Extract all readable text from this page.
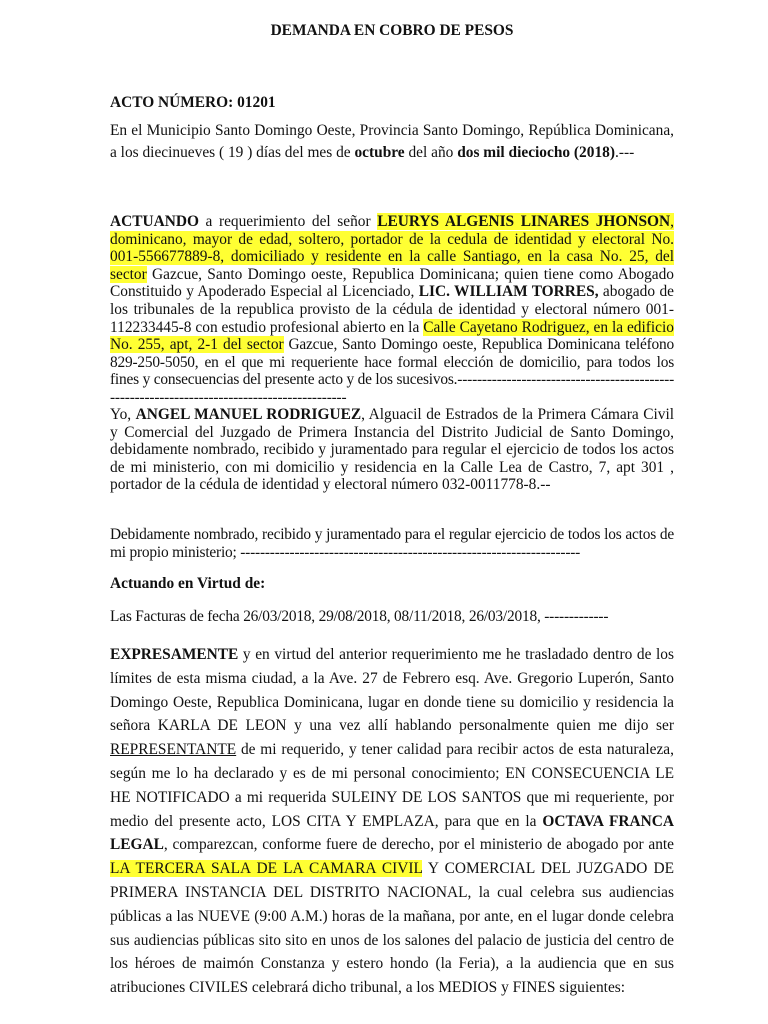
DEMANDA EN COBRO DE PESOS
ACTO NÚMERO: 01201
En el Municipio Santo Domingo Oeste, Provincia Santo Domingo, República Dominicana, a los diecinueves ( 19 ) días del mes de octubre del año dos mil dieciocho (2018).---
ACTUANDO a requerimiento del señor LEURYS ALGENIS LINARES JHONSON, dominicano, mayor de edad, soltero, portador de la cedula de identidad y electoral No. 001-556677889-8, domiciliado y residente en la calle Santiago, en la casa No. 25, del sector Gazcue, Santo Domingo oeste, Republica Dominicana; quien tiene como Abogado Constituido y Apoderado Especial al Licenciado, LIC. WILLIAM TORRES, abogado de los tribunales de la republica provisto de la cédula de identidad y electoral número 001-112233445-8 con estudio profesional abierto en la Calle Cayetano Rodriguez, en la edificio No. 255, apt, 2-1 del sector Gazcue, Santo Domingo oeste, Republica Dominicana teléfono 829-250-5050, en el que mi requeriente hace formal elección de domicilio, para todos los fines y consecuencias del presente acto y de los sucesivos.--------------------------------------------------------------------------------------------
Yo, ANGEL MANUEL RODRIGUEZ, Alguacil de Estrados de la Primera Cámara Civil y Comercial del Juzgado de Primera Instancia del Distrito Judicial de Santo Domingo, debidamente nombrado, recibido y juramentado para regular el ejercicio de todos los actos de mi ministerio, con mi domicilio y residencia en la Calle Lea de Castro, 7, apt 301 , portador de la cédula de identidad y electoral número 032-0011778-8.--
Debidamente nombrado, recibido y juramentado para el regular ejercicio de todos los actos de mi propio ministerio; ---------------------------------------------------------------------
Actuando en Virtud de:
Las Facturas de fecha 26/03/2018, 29/08/2018, 08/11/2018, 26/03/2018, -------------
EXPRESAMENTE y en virtud del anterior requerimiento me he trasladado dentro de los límites de esta misma ciudad, a la Ave. 27 de Febrero esq. Ave. Gregorio Luperón, Santo Domingo Oeste, Republica Dominicana, lugar en donde tiene su domicilio y residencia la señora KARLA DE LEON y una vez allí hablando personalmente quien me dijo ser REPRESENTANTE de mi requerido, y tener calidad para recibir actos de esta naturaleza, según me lo ha declarado y es de mi personal conocimiento; EN CONSECUENCIA LE HE NOTIFICADO a mi requerida SULEINY DE LOS SANTOS que mi requeriente, por medio del presente acto, LOS CITA Y EMPLAZA, para que en la OCTAVA FRANCA LEGAL, comparezcan, conforme fuere de derecho, por el ministerio de abogado por ante LA TERCERA SALA DE LA CAMARA CIVIL Y COMERCIAL DEL JUZGADO DE PRIMERA INSTANCIA DEL DISTRITO NACIONAL, la cual celebra sus audiencias públicas a las NUEVE (9:00 A.M.) horas de la mañana, por ante, en el lugar donde celebra sus audiencias públicas sito sito en unos de los salones del palacio de justicia del centro de los héroes de maimón Constanza y estero hondo (la Feria), a la audiencia que en sus atribuciones CIVILES celebrará dicho tribunal, a los MEDIOS y FINES siguientes:
